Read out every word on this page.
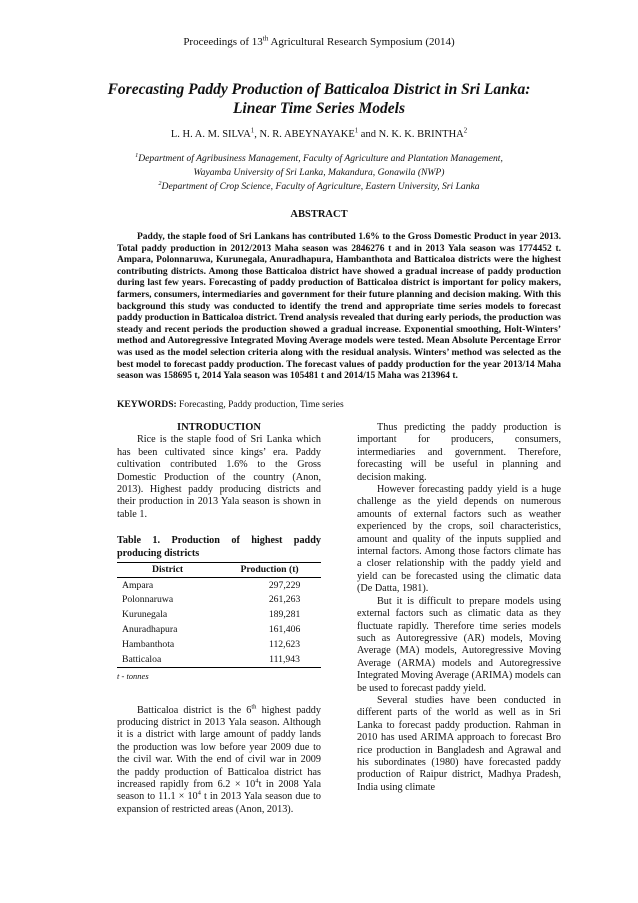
Proceedings of 13th Agricultural Research Symposium (2014)
Forecasting Paddy Production of Batticaloa District in Sri Lanka:
Linear Time Series Models
L. H. A. M. SILVA$^1$, N. R. ABEYNAYAKE$^1$ and N. K. K. BRINTHA$^2$
$^1$Department of Agribusiness Management, Faculty of Agriculture and Plantation Management,
Wayamba University of Sri Lanka, Makandura, Gonawila (NWP)
$^2$Department of Crop Science, Faculty of Agriculture, Eastern University, Sri Lanka
ABSTRACT

Paddy, the staple food of Sri Lankans has contributed 1.6% to the Gross Domestic Product in year 2013. Total paddy production in 2012/2013 Maha season was 2846276 t and in 2013 Yala season was 1774452 t. Ampara, Polonnaruwa, Kurunegala, Anuradhapura, Hambanthota and Batticaloa districts were the highest contributing districts. Among those Batticaloa district have showed a gradual increase of paddy production during last few years. Forecasting of paddy production of Batticaloa district is important for policy makers, farmers, consumers, intermediaries and government for their future planning and decision making. With this background this study was conducted to identify the trend and appropriate time series models to forecast paddy production in Batticaloa district. Trend analysis revealed that during early periods, the production was steady and recent periods the production showed a gradual increase. Exponential smoothing, Holt-Winters’ method and Autoregressive Integrated Moving Average models were tested. Mean Absolute Percentage Error was used as the model selection criteria along with the residual analysis. Winters’ method was selected as the best model to forecast paddy production. The forecast values of paddy production for the year 2013/14 Maha season was 158695 t, 2014 Yala season was 105481 t and 2014/15 Maha was 213964 t.

KEYWORDS: Forecasting, Paddy production, Time series
INTRODUCTION

Rice is the staple food of Sri Lanka which has been cultivated since kings’ era. Paddy cultivation contributed 1.6% to the Gross Domestic Production of the country (Anon, 2013). Highest paddy producing districts and their production in 2013 Yala season is shown in table 1.

Table 1. Production of highest paddy producing districts
District	Production (t)
Ampara	297,229
Polonnaruwa	261,263
Kurunegala	189,281
Anuradhapura	161,406
Hambanthota	112,623
Batticaloa	111,943
t - tonnes

Batticaloa district is the 6th highest paddy producing district in 2013 Yala season. Although it is a district with large amount of paddy lands the production was low before year 2009 due to the civil war. With the end of civil war in 2009 the paddy production of Batticaloa district has increased rapidly from $6.2 \times 10^4t$ in 2008 Yala season to $11.1 \times 10^4$ t in 2013 Yala season due to expansion of restricted areas (Anon, 2013).

Thus predicting the paddy production is important for producers, consumers, intermediaries and government. Therefore, forecasting will be useful in planning and decision making.

However forecasting paddy yield is a huge challenge as the yield depends on numerous amounts of external factors such as weather experienced by the crops, soil characteristics, amount and quality of the inputs supplied and internal factors. Among those factors climate has a closer relationship with the paddy yield and yield can be forecasted using the climatic data (De Datta, 1981).

But it is difficult to prepare models using external factors such as climatic data as they fluctuate rapidly. Therefore time series models such as Autoregressive (AR) models, Moving Average (MA) models, Autoregressive Moving Average (ARMA) models and Autoregressive Integrated Moving Average (ARIMA) models can be used to forecast paddy yield.

Several studies have been conducted in different parts of the world as well as in Sri Lanka to forecast paddy production. Rahman in 2010 has used ARIMA approach to forecast Bro rice production in Bangladesh and Agrawal and his subordinates (1980) have forecasted paddy production of Raipur district, Madhya Pradesh, India using climate
